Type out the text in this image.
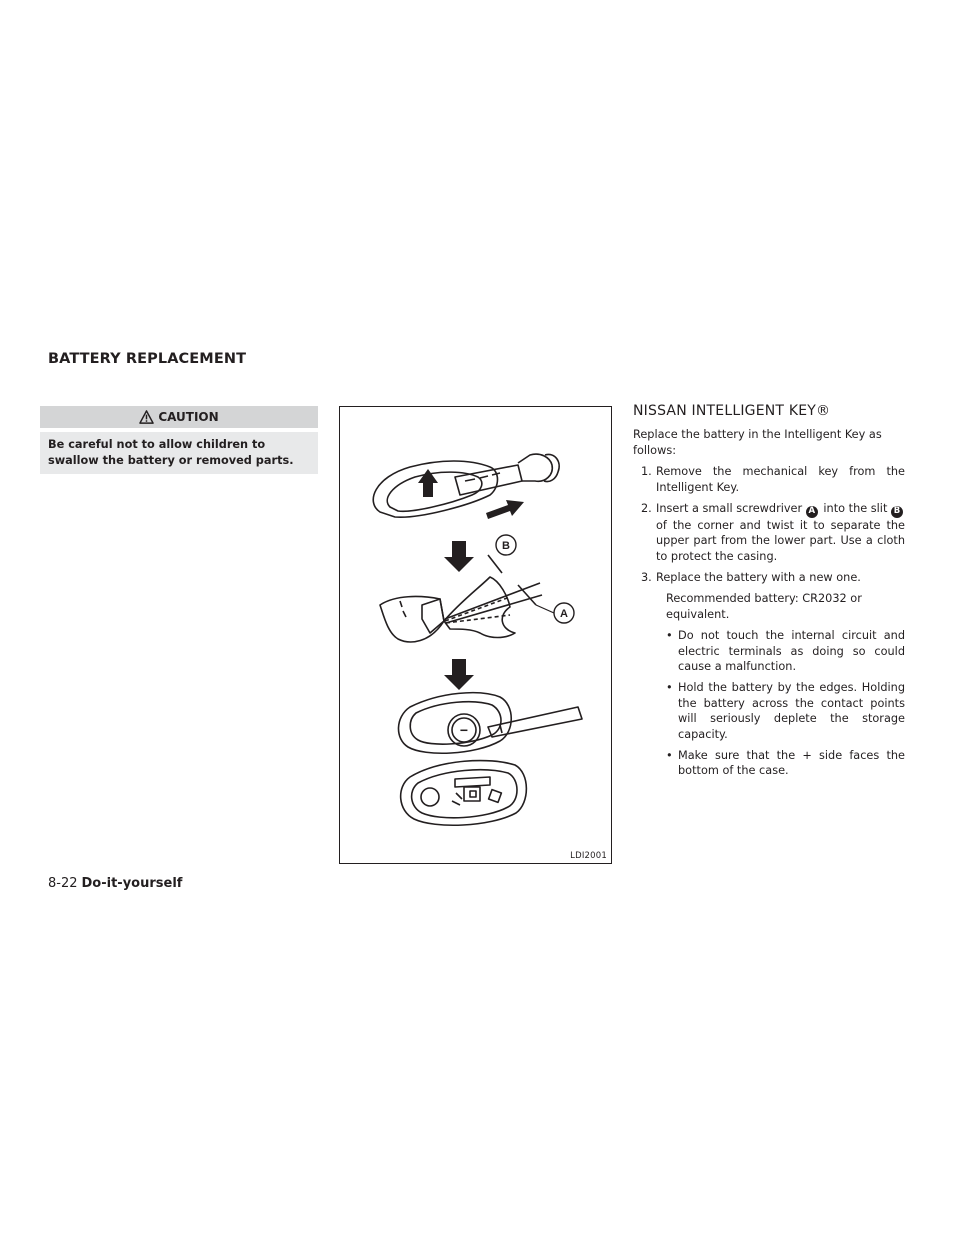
BATTERY REPLACEMENT
CAUTION
Be careful not to allow children to swallow the battery or removed parts.
B
A
−
LDI2001
NISSAN INTELLIGENT KEY®

Replace the battery in the Intelligent Key as follows:

1. Remove the mechanical key from the Intelligent Key.
2. Insert a small screwdriver A into the slit B of the corner and twist it to separate the upper part from the lower part. Use a cloth to protect the casing.
3. Replace the battery with a new one.
Recommended battery: CR2032 or equivalent.
• Do not touch the internal circuit and electric terminals as doing so could cause a malfunction.
• Hold the battery by the edges. Holding the battery across the contact points will seriously deplete the storage capacity.
• Make sure that the + side faces the bottom of the case.
8-22 Do-it-yourself
